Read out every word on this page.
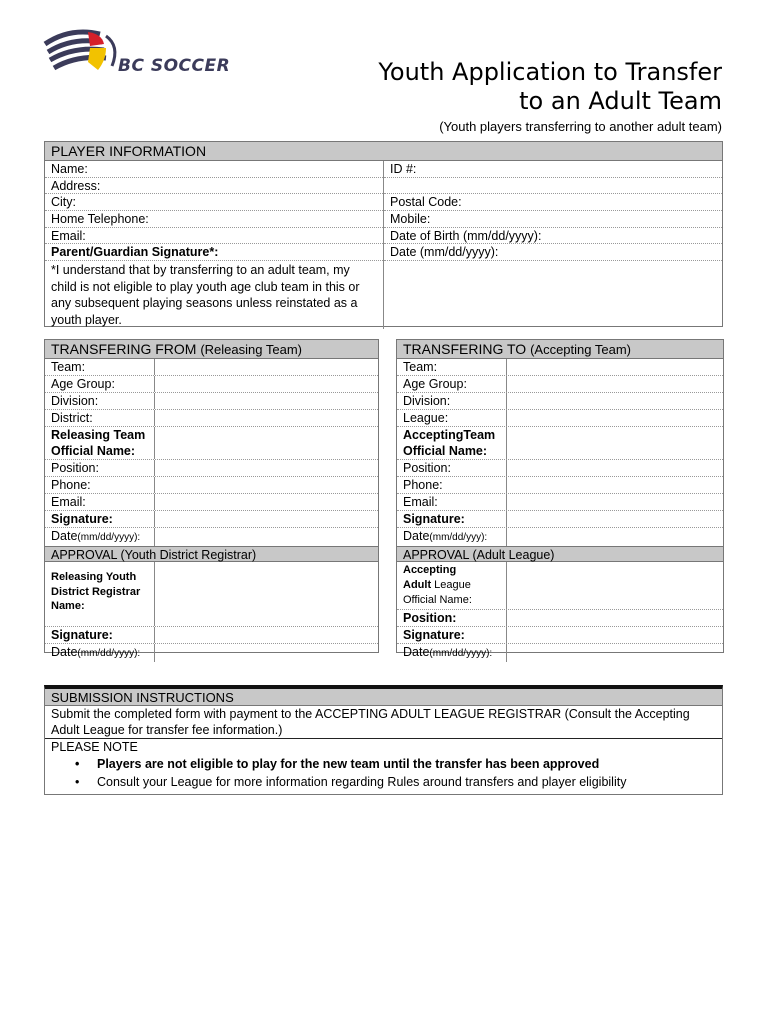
BC SOCCER	Youth Application to Transfer
to an Adult Team
(Youth players transferring to another adult team)
PLAYER INFORMATION
Name:
Address:
City:
Home Telephone:
Email:
Parent/Guardian Signature*:
*I understand that by transferring to an adult team, my child is not eligible to play youth age club team in this or any subsequent playing seasons unless reinstated as a youth player.
ID #:

Postal Code:
Mobile:
Date of Birth (mm/dd/yyyy):
Date (mm/dd/yyyy):
TRANSFERING FROM (Releasing Team)
Team:
Age Group:
Division:
District:
Releasing Team
Official Name:
Position:
Phone:
Email:
Signature:
Date(mm/dd/yyyy):
APPROVAL (Youth District Registrar)
Releasing Youth District Registrar Name:
Signature:
Date(mm/dd/yyyy):
TRANSFERING TO (Accepting Team)
Team:
Age Group:
Division:
League:
AcceptingTeam
Official Name:
Position:
Phone:
Email:
Signature:
Date(mm/dd/yyy):
APPROVAL (Adult League)
Accepting
Adult League
Official Name:
Position:
Signature:
Date(mm/dd/yyyy):
SUBMISSION INSTRUCTIONS
Submit the completed form with payment to the ACCEPTING ADULT LEAGUE REGISTRAR (Consult the Accepting Adult League for transfer fee information.)
PLEASE NOTE
• Players are not eligible to play for the new team until the transfer has been approved
• Consult your League for more information regarding Rules around transfers and player eligibility
